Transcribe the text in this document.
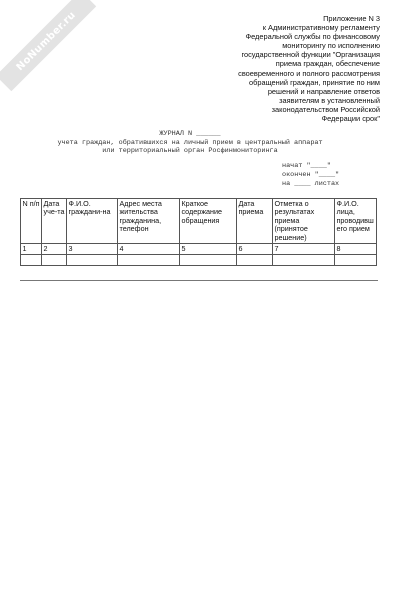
NoNumber.ru	Приложение N 3
к Административному регламенту
Федеральной службы по финансовому
мониторингу по исполнению
государственной функции "Организация
приема граждан, обеспечение
своевременного и полного рассмотрения
обращений граждан, принятие по ним
решений и направление ответов
заявителям в установленный
законодательством Российской
Федерации срок"
ЖУРНАЛ N ______
учета граждан, обратившихся на личный прием в центральный аппарат
или территориальный орган Росфинмониторинга
начат "____"
окончен "____"
на ____ листах
N п/п	Дата уче-та	Ф.И.О. граждани-на	Адрес места жительства гражданина, телефон	Краткое содержание обращения	Дата приема	Отметка о результатах приема (принятое решение)	Ф.И.О. лица, проводившего прием
1	2	3	4	5	6	7	8
